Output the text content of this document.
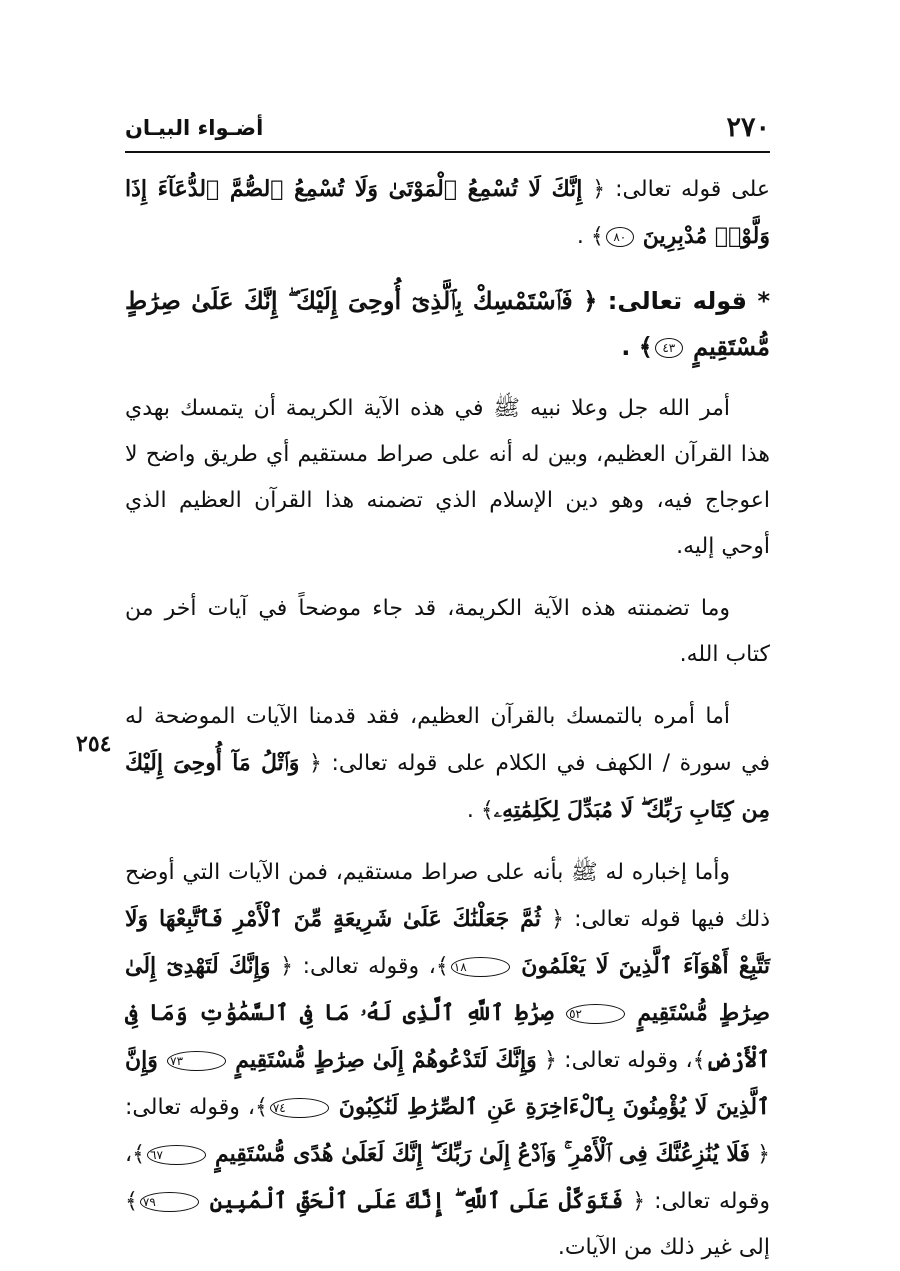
٢٧٠
أضـواء البيـان
٢٥٤

على قوله تعالى: ﴿ إِنَّكَ لَا تُسْمِعُ ٱلْمَوْتَىٰ وَلَا تُسْمِعُ ٱلصُّمَّ ٱلدُّعَآءَ إِذَا وَلَّوْا۟ مُدْبِرِينَ ٨٠﴾ .

* قوله تعالى: ﴿ فَٱسْتَمْسِكْ بِٱلَّذِىٓ أُوحِىَ إِلَيْكَ ۖ إِنَّكَ عَلَىٰ صِرَٰطٍ مُّسْتَقِيمٍ ٤٣﴾ .

أمر الله جل وعلا نبيه ﷺ في هذه الآية الكريمة أن يتمسك بهدي هذا القرآن العظيم، وبين له أنه على صراط مستقيم أي طريق واضح لا اعوجاج فيه، وهو دين الإسلام الذي تضمنه هذا القرآن العظيم الذي أوحي إليه.

وما تضمنته هذه الآية الكريمة، قد جاء موضحاً في آيات أخر من كتاب الله.

أما أمره بالتمسك بالقرآن العظيم، فقد قدمنا الآيات الموضحة له في سورة / الكهف في الكلام على قوله تعالى: ﴿ وَٱتْلُ مَآ أُوحِىَ إِلَيْكَ مِن كِتَابِ رَبِّكَ ۖ لَا مُبَدِّلَ لِكَلِمَٰتِهِۦ﴾ .

وأما إخباره له ﷺ بأنه على صراط مستقيم، فمن الآيات التي أوضح ذلك فيها قوله تعالى: ﴿ ثُمَّ جَعَلْنَٰكَ عَلَىٰ شَرِيعَةٍ مِّنَ ٱلْأَمْرِ فَٱتَّبِعْهَا وَلَا تَتَّبِعْ أَهْوَآءَ ٱلَّذِينَ لَا يَعْلَمُونَ ١٨﴾، وقوله تعالى: ﴿ وَإِنَّكَ لَتَهْدِىٓ إِلَىٰ صِرَٰطٍ مُّسْتَقِيمٍ ٥٢ صِرَٰطِ ٱللَّهِ ٱلَّذِى لَهُۥ مَا فِى ٱلسَّمَٰوَٰتِ وَمَا فِى ٱلْأَرْضِ﴾، وقوله تعالى: ﴿ وَإِنَّكَ لَتَدْعُوهُمْ إِلَىٰ صِرَٰطٍ مُّسْتَقِيمٍ ٧٣ وَإِنَّ ٱلَّذِينَ لَا يُؤْمِنُونَ بِٱلْءَاخِرَةِ عَنِ ٱلصِّرَٰطِ لَنَٰكِبُونَ ٧٤﴾، وقوله تعالى: ﴿ فَلَا يُنَٰزِعُنَّكَ فِى ٱلْأَمْرِ ۚ وَٱدْعُ إِلَىٰ رَبِّكَ ۖ إِنَّكَ لَعَلَىٰ هُدًى مُّسْتَقِيمٍ ٦٧﴾، وقوله تعالى: ﴿ فَتَوَكَّلْ عَلَى ٱللَّهِ ۖ إِنَّكَ عَلَى ٱلْحَقِّ ٱلْمُبِينِ ٧٩﴾ إلى غير ذلك من الآيات.
